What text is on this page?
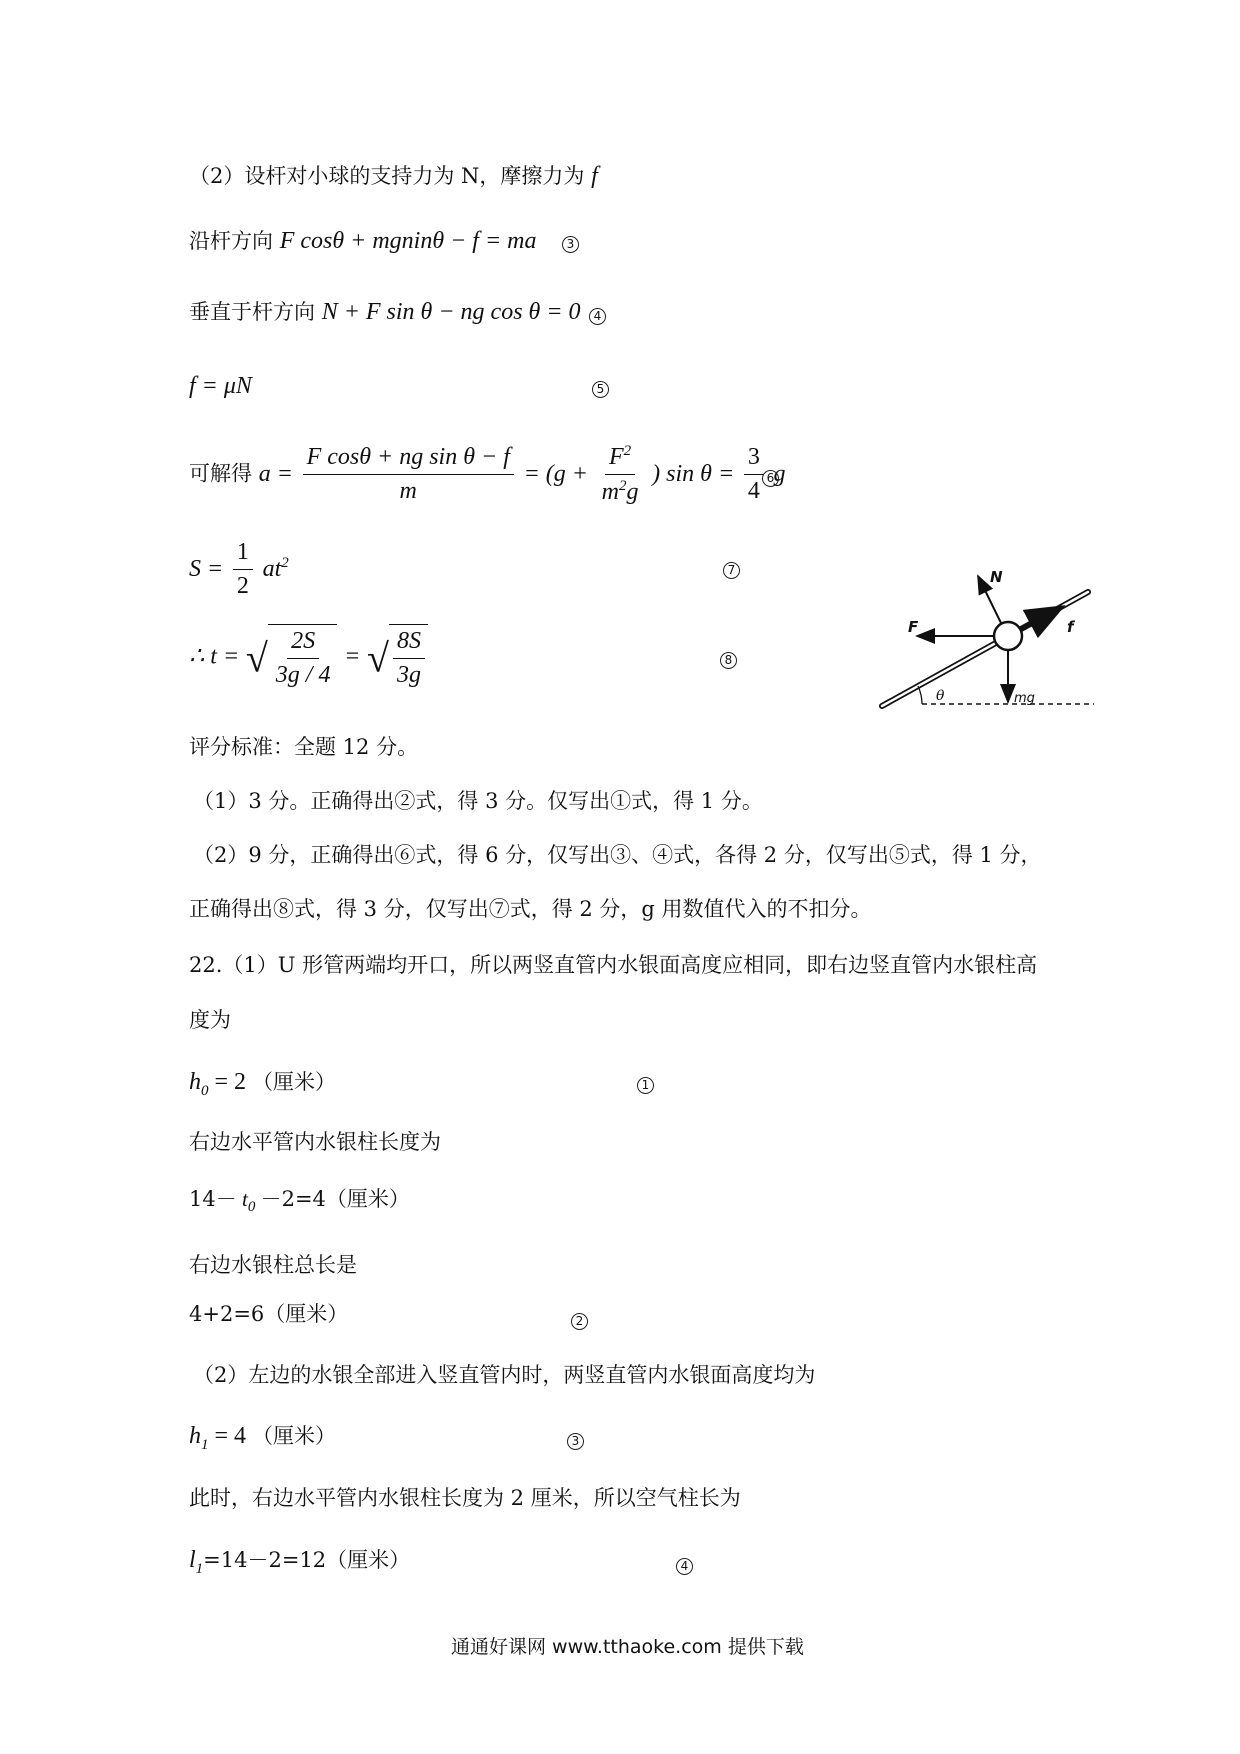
（2）设杆对小球的支持力为 N，摩擦力为 f
沿杆方向 F cosθ + mgninθ − f = ma	3
垂直于杆方向 N + F sin θ − ng cos θ = 0	4
f = μN	5
可解得 $a = \frac{\text{F cosθ + ng sin θ − f}}{m} = (g + \frac{F^2}{m^2g}$ ) $\sin \theta = \frac{3}{4}$ g
6
$S = \frac{1}{2} at^2$	7
∴ t = √ $\frac{2S}{3g / 4}$ = √ $\frac{8S}{3g}$	8
N
F	f
θ	mg
评分标准：全题 12 分。
（1）3 分。正确得出②式，得 3 分。仅写出①式，得 1 分。
（2）9 分，正确得出⑥式，得 6 分，仅写出③、④式，各得 2 分，仅写出⑤式，得 1 分，
正确得出⑧式，得 3 分，仅写出⑦式，得 2 分，g 用数值代入的不扣分。
22.（1）U 形管两端均开口，所以两竖直管内水银面高度应相同，即右边竖直管内水银柱高
度为
$h_0 = 2$ （厘米）	1
右边水平管内水银柱长度为
$14- t_0 -2=4$（厘米）
右边水银柱总长是
4+2=6（厘米）	2
（2）左边的水银全部进入竖直管内时，两竖直管内水银面高度均为
$h_1 = 4$ （厘米）	3
此时，右边水平管内水银柱长度为 2 厘米，所以空气柱长为
$l_1=14-2=12$（厘米）	4
通通好课网 www.tthaoke.com 提供下载
